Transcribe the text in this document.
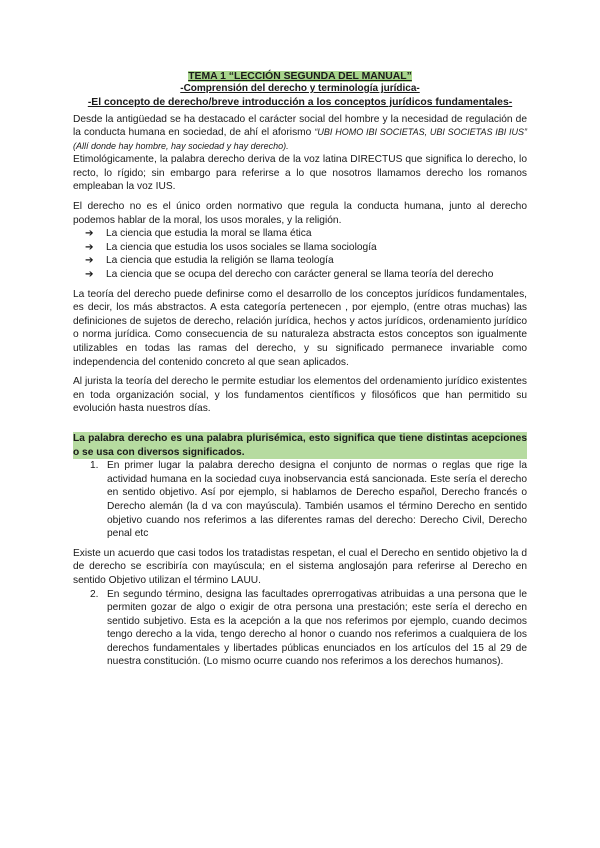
TEMA 1 “LECCIÓN SEGUNDA DEL MANUAL”

-Comprensión del derecho y terminología jurídica-

-El concepto de derecho/breve introducción a los conceptos jurídicos fundamentales-

Desde la antigüedad se ha destacado el carácter social del hombre y la necesidad de regulación de la conducta humana en sociedad, de ahí el aforismo “UBI HOMO IBI SOCIETAS, UBI SOCIETAS IBI IUS” (Allí donde hay hombre, hay sociedad y hay derecho).

Etimológicamente, la palabra derecho deriva de la voz latina DIRECTUS que significa lo derecho, lo recto, lo rígido; sin embargo para referirse a lo que nosotros llamamos derecho los romanos empleaban la voz IUS.

El derecho no es el único orden normativo que regula la conducta humana, junto al derecho podemos hablar de la moral, los usos morales, y la religión.

➔ La ciencia que estudia la moral se llama ética
➔ La ciencia que estudia los usos sociales se llama sociología
➔ La ciencia que estudia la religión se llama teología
➔ La ciencia que se ocupa del derecho con carácter general se llama teoría del derecho

La teoría del derecho puede definirse como el desarrollo de los conceptos jurídicos fundamentales, es decir, los más abstractos. A esta categoría pertenecen , por ejemplo, (entre otras muchas) las definiciones de sujetos de derecho, relación jurídica, hechos y actos jurídicos, ordenamiento jurídico o norma jurídica. Como consecuencia de su naturaleza abstracta estos conceptos son igualmente utilizables en todas las ramas del derecho, y su significado permanece invariable como independencia del contenido concreto al que sean aplicados.

Al jurista la teoría del derecho le permite estudiar los elementos del ordenamiento jurídico existentes en toda organización social, y los fundamentos científicos y filosóficos que han permitido su evolución hasta nuestros días.

La palabra derecho es una palabra plurisémica, esto significa que tiene distintas acepciones o se usa con diversos significados.

1. En primer lugar la palabra derecho designa el conjunto de normas o reglas que rige la actividad humana en la sociedad cuya inobservancia está sancionada. Este sería el derecho en sentido objetivo. Así por ejemplo, si hablamos de Derecho español, Derecho francés o Derecho alemán (la d va con mayúscula). También usamos el término Derecho en sentido objetivo cuando nos referimos a las diferentes ramas del derecho: Derecho Civil, Derecho penal etc

Existe un acuerdo que casi todos los tratadistas respetan, el cual el Derecho en sentido objetivo la d de derecho se escribiría con mayúscula; en el sistema anglosajón para referirse al Derecho en sentido Objetivo utilizan el término LAUU.

2. En segundo término, designa las facultades oprerrogativas atribuidas a una persona que le permiten gozar de algo o exigir de otra persona una prestación; este sería el derecho en sentido subjetivo. Esta es la acepción a la que nos referimos por ejemplo, cuando decimos tengo derecho a la vida, tengo derecho al honor o cuando nos referimos a cualquiera de los derechos fundamentales y libertades públicas enunciados en los artículos del 15 al 29 de nuestra constitución. (Lo mismo ocurre cuando nos referimos a los derechos humanos).
